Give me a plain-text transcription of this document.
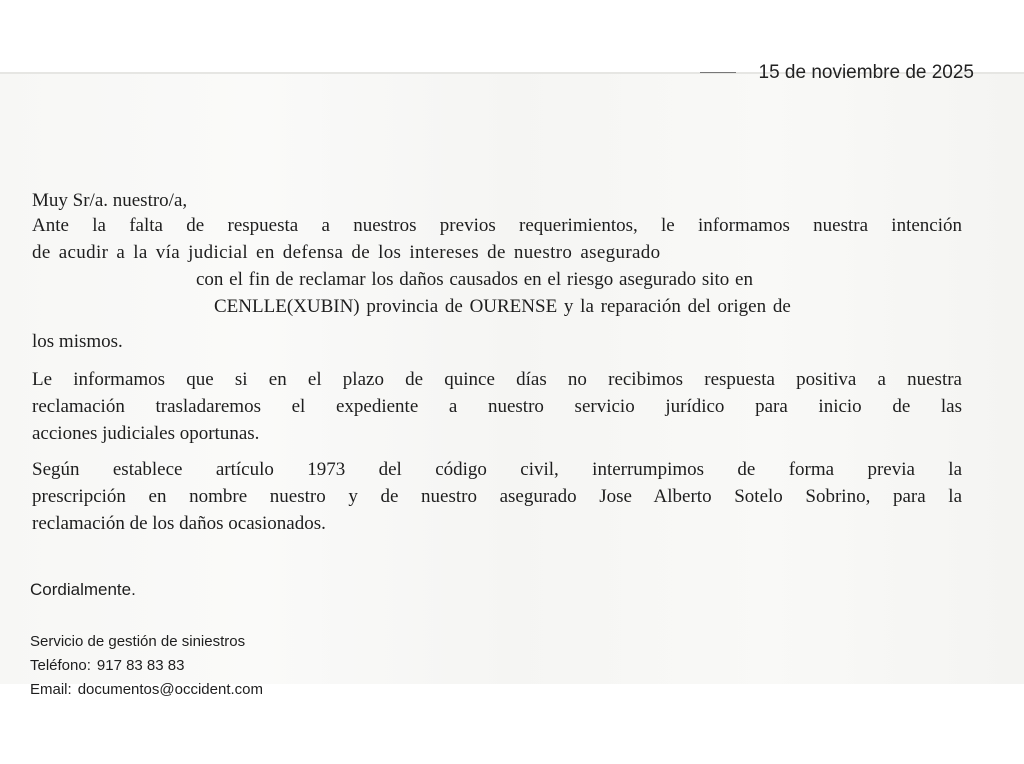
15 de noviembre de 2025
Muy Sr/a. nuestro/a,
Ante la falta de respuesta a nuestros previos requerimientos, le informamos nuestra intención
de acudir a la vía judicial en defensa de los intereses de nuestro asegurado
con el fin de reclamar los daños causados en el riesgo asegurado sito en
CENLLE(XUBIN) provincia de OURENSE y la reparación del origen de
los mismos.
Le informamos que si en el plazo de quince días no recibimos respuesta positiva a nuestra
reclamación trasladaremos el expediente a nuestro servicio jurídico para inicio de las
acciones judiciales oportunas.
Según establece artículo 1973 del código civil, interrumpimos de forma previa la
prescripción en nombre nuestro y de nuestro asegurado Jose Alberto Sotelo Sobrino, para la
reclamación de los daños ocasionados.
Cordialmente.
Servicio de gestión de siniestros
Teléfono: 917 83 83 83
Email: documentos@occident.com
